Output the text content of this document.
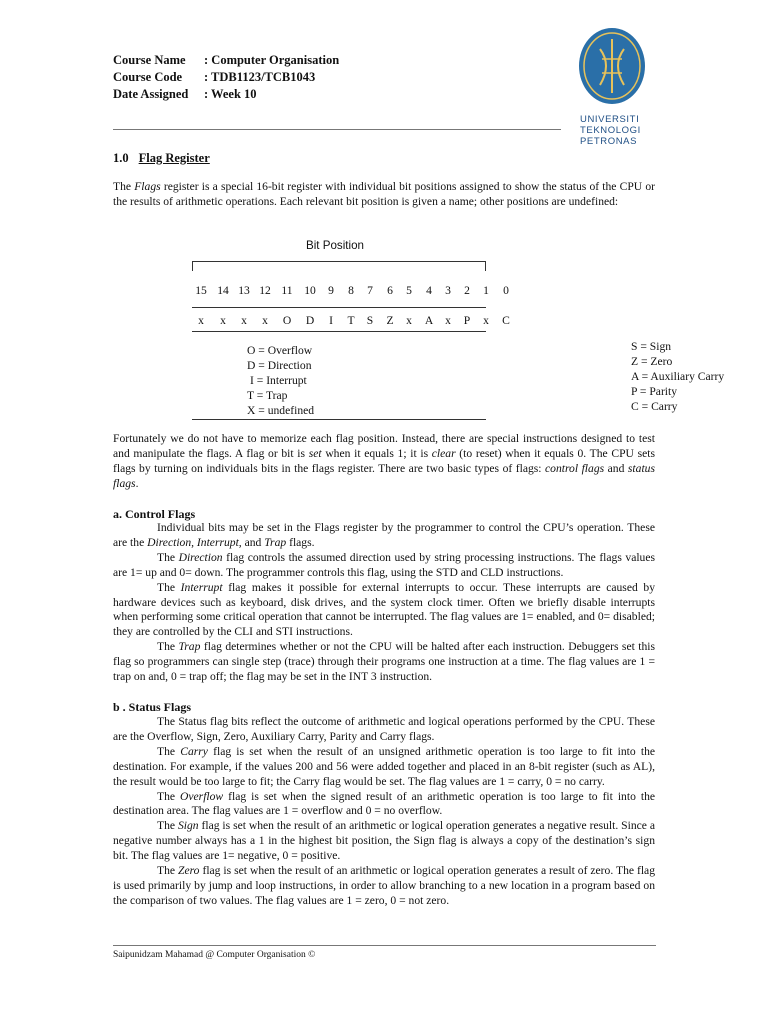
Course Name : Computer Organisation
Course Code : TDB1123/TCB1043
Date Assigned : Week 10
UNIVERSITI
TEKNOLOGI
PETRONAS
1.0 Flag Register

The Flags register is a special 16-bit register with individual bit positions assigned to show the status of the CPU or the results of arithmetic operations. Each relevant bit position is given a name; other positions are undefined:

Bit Position
15 14 13 12 11 10 9 8 7 6 5 4 3 2 1 0
x x x x O D I T S Z x A x P x C
O = Overflow
D = Direction
I = Interrupt
T = Trap
X = undefined
S = Sign
Z = Zero
A = Auxiliary Carry
P = Parity
C = Carry

Fortunately we do not have to memorize each flag position. Instead, there are special instructions designed to test and manipulate the flags. A flag or bit is set when it equals 1; it is clear (to reset) when it equals 0. The CPU sets flags by turning on individuals bits in the flags register. There are two basic types of flags: control flags and status flags.

a. Control Flags

Individual bits may be set in the Flags register by the programmer to control the CPU’s operation. These are the Direction, Interrupt, and Trap flags.

The Direction flag controls the assumed direction used by string processing instructions. The flags values are 1= up and 0= down. The programmer controls this flag, using the STD and CLD instructions.

The Interrupt flag makes it possible for external interrupts to occur. These interrupts are caused by hardware devices such as keyboard, disk drives, and the system clock timer. Often we briefly disable interrupts when performing some critical operation that cannot be interrupted. The flag values are 1= enabled, and 0= disabled; they are controlled by the CLI and STI instructions.

The Trap flag determines whether or not the CPU will be halted after each instruction. Debuggers set this flag so programmers can single step (trace) through their programs one instruction at a time. The flag values are 1 = trap on and, 0 = trap off; the flag may be set in the INT 3 instruction.

b . Status Flags

The Status flag bits reflect the outcome of arithmetic and logical operations performed by the CPU. These are the Overflow, Sign, Zero, Auxiliary Carry, Parity and Carry flags.

The Carry flag is set when the result of an unsigned arithmetic operation is too large to fit into the destination. For example, if the values 200 and 56 were added together and placed in an 8-bit register (such as AL), the result would be too large to fit; the Carry flag would be set. The flag values are 1 = carry, 0 = no carry.

The Overflow flag is set when the signed result of an arithmetic operation is too large to fit into the destination area. The flag values are 1 = overflow and 0 = no overflow.

The Sign flag is set when the result of an arithmetic or logical operation generates a negative result. Since a negative number always has a 1 in the highest bit position, the Sign flag is always a copy of the destination’s sign bit. The flag values are 1= negative, 0 = positive.

The Zero flag is set when the result of an arithmetic or logical operation generates a result of zero. The flag is used primarily by jump and loop instructions, in order to allow branching to a new location in a program based on the comparison of two values. The flag values are 1 = zero, 0 = not zero.

Saipunidzam Mahamad @ Computer Organisation ©
